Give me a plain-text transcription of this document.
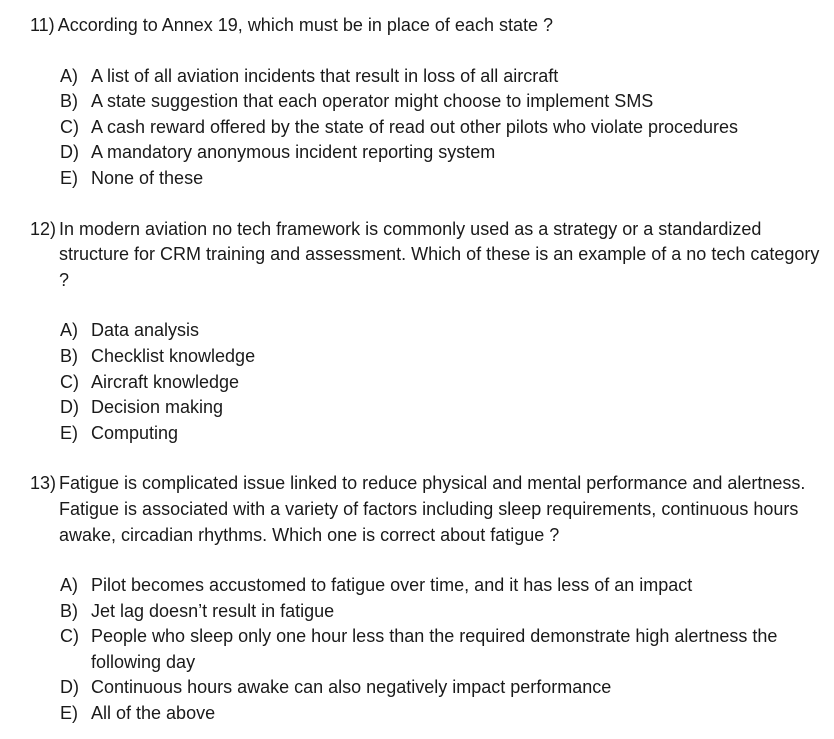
11) According to Annex 19, which must be in place of each state ?
A) A list of all aviation incidents that result in loss of all aircraft
B) A state suggestion that each operator might choose to implement SMS
C) A cash reward offered by the state of read out other pilots who violate procedures
D) A mandatory anonymous incident reporting system
E) None of these
12) In modern aviation no tech framework is commonly used as a strategy or a standardized structure for CRM training and assessment. Which of these is an example of a no tech category ?
A) Data analysis
B) Checklist knowledge
C) Aircraft knowledge
D) Decision making
E) Computing
13) Fatigue is complicated issue linked to reduce physical and mental performance and alertness. Fatigue is associated with a variety of factors including sleep requirements, continuous hours awake, circadian rhythms. Which one is correct about fatigue ?
A) Pilot becomes accustomed to fatigue over time, and it has less of an impact
B) Jet lag doesn’t result in fatigue
C) People who sleep only one hour less than the required demonstrate high alertness the following day
D) Continuous hours awake can also negatively impact performance
E) All of the above
